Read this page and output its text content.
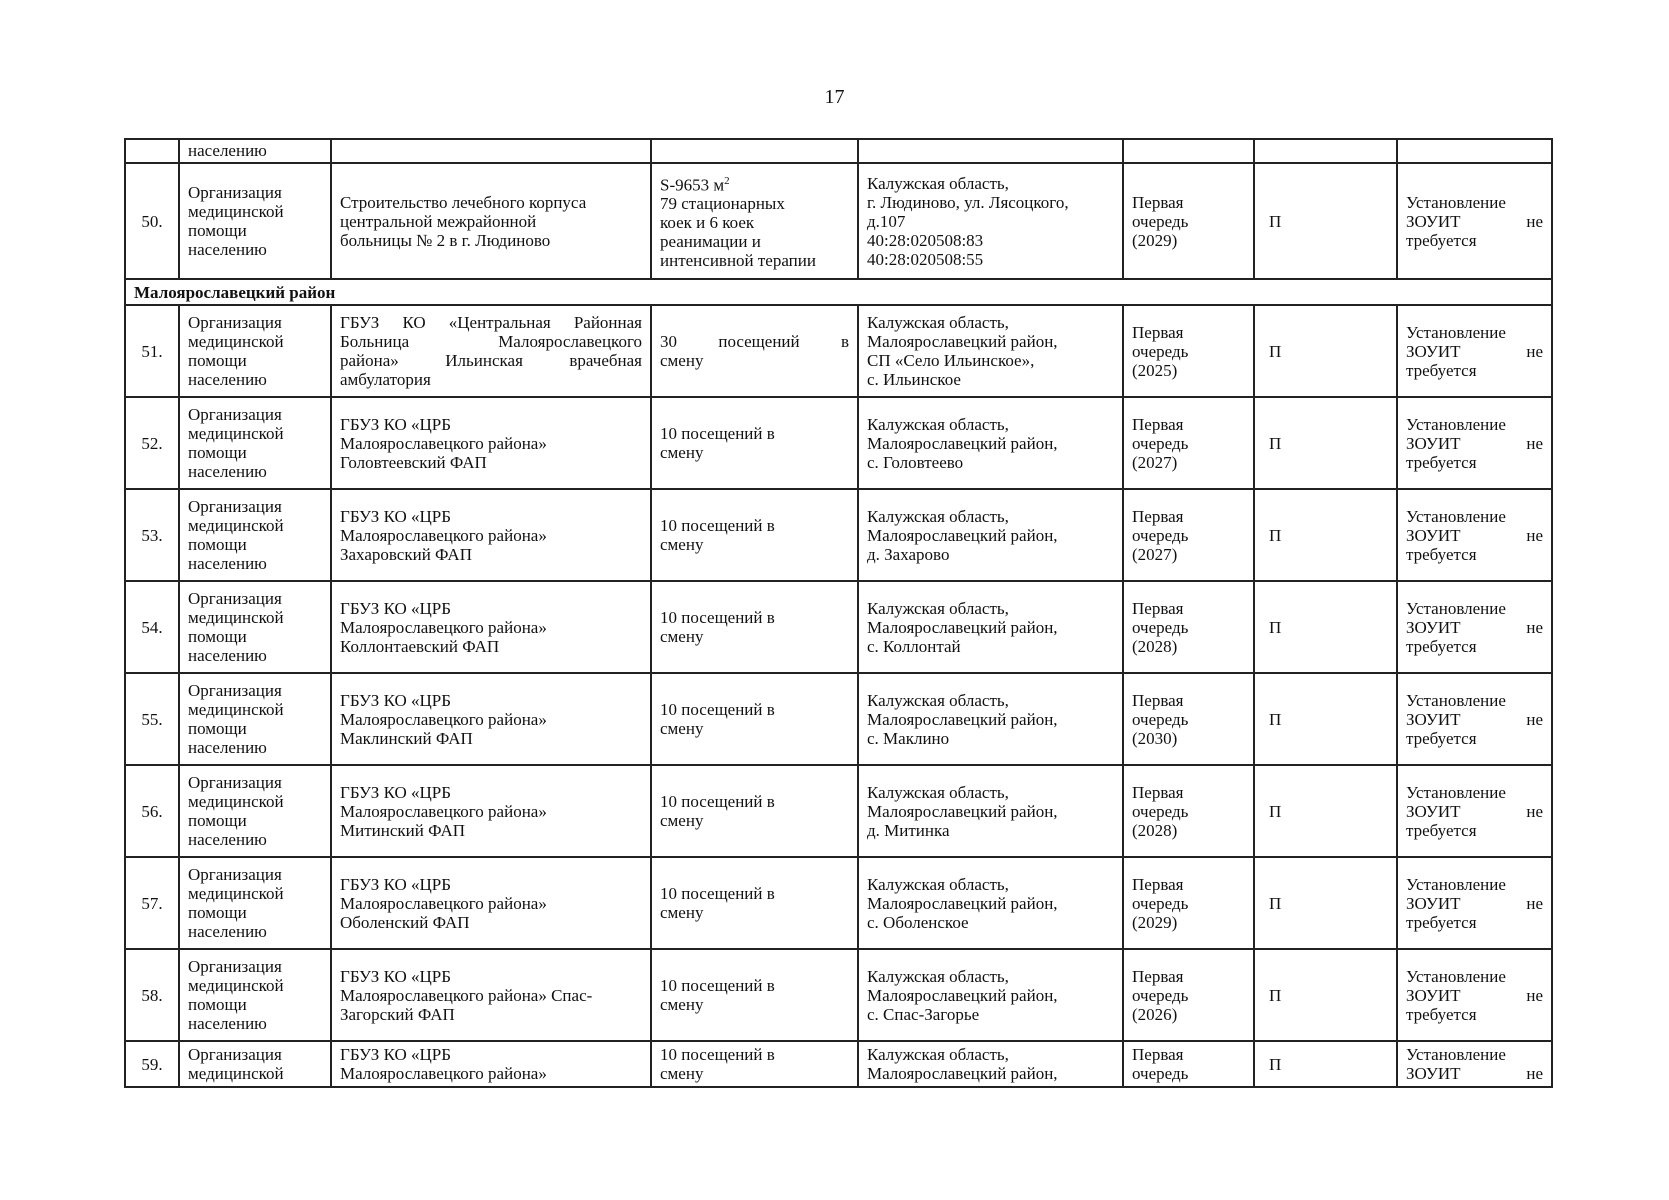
17
	населению						
50.	Организация
медицинской
помощи
населению	Строительство лечебного корпуса
центральной межрайонной
больницы № 2 в г. Людиново	S-9653 $м^2$
79 стационарных
коек и 6 коек
реанимации и
интенсивной терапии	Калужская область,
г. Людиново, ул. Лясоцкого,
д.107
40:28:020508:83
40:28:020508:55	Первая
очередь
(2029)	П	Установление
ЗОУИТ не
требуется

Малоярославецкий район							
51.	Организация
медицинской
помощи
населению	ГБУЗ КО «Центральная Районная
Больница Малоярославецкого
района» Ильинская врачебная
амбулатория	30 посещений в
смену	Калужская область,
Малоярославецкий район,
СП «Село Ильинское»,
с. Ильинское	Первая
очередь
(2025)	П	Установление
ЗОУИТ не
требуется

52.	Организация
медицинской
помощи
населению	ГБУЗ КО «ЦРБ
Малоярославецкого района»
Головтеевский ФАП	10 посещений в
смену	Калужская область,
Малоярославецкий район,
с. Головтеево	Первая
очередь
(2027)	П	Установление
ЗОУИТ не
требуется

53.	Организация
медицинской
помощи
населению	ГБУЗ КО «ЦРБ
Малоярославецкого района»
Захаровский ФАП	10 посещений в
смену	Калужская область,
Малоярославецкий район,
д. Захарово	Первая
очередь
(2027)	П	Установление
ЗОУИТ не
требуется

54.	Организация
медицинской
помощи
населению	ГБУЗ КО «ЦРБ
Малоярославецкого района»
Коллонтаевский ФАП	10 посещений в
смену	Калужская область,
Малоярославецкий район,
с. Коллонтай	Первая
очередь
(2028)	П	Установление
ЗОУИТ не
требуется

55.	Организация
медицинской
помощи
населению	ГБУЗ КО «ЦРБ
Малоярославецкого района»
Маклинский ФАП	10 посещений в
смену	Калужская область,
Малоярославецкий район,
с. Маклино	Первая
очередь
(2030)	П	Установление
ЗОУИТ не
требуется

56.	Организация
медицинской
помощи
населению	ГБУЗ КО «ЦРБ
Малоярославецкого района»
Митинский ФАП	10 посещений в
смену	Калужская область,
Малоярославецкий район,
д. Митинка	Первая
очередь
(2028)	П	Установление
ЗОУИТ не
требуется

57.	Организация
медицинской
помощи
населению	ГБУЗ КО «ЦРБ
Малоярославецкого района»
Оболенский ФАП	10 посещений в
смену	Калужская область,
Малоярославецкий район,
с. Оболенское	Первая
очередь
(2029)	П	Установление
ЗОУИТ не
требуется

58.	Организация
медицинской
помощи
населению	ГБУЗ КО «ЦРБ
Малоярославецкого района» Спас-
Загорский ФАП	10 посещений в
смену	Калужская область,
Малоярославецкий район,
с. Спас-Загорье	Первая
очередь
(2026)	П	Установление
ЗОУИТ не
требуется

59.	Организация
медицинской	ГБУЗ КО «ЦРБ
Малоярославецкого района»	10 посещений в
смену	Калужская область,
Малоярославецкий район,	Первая
очередь	П	Установление
ЗОУИТ не
